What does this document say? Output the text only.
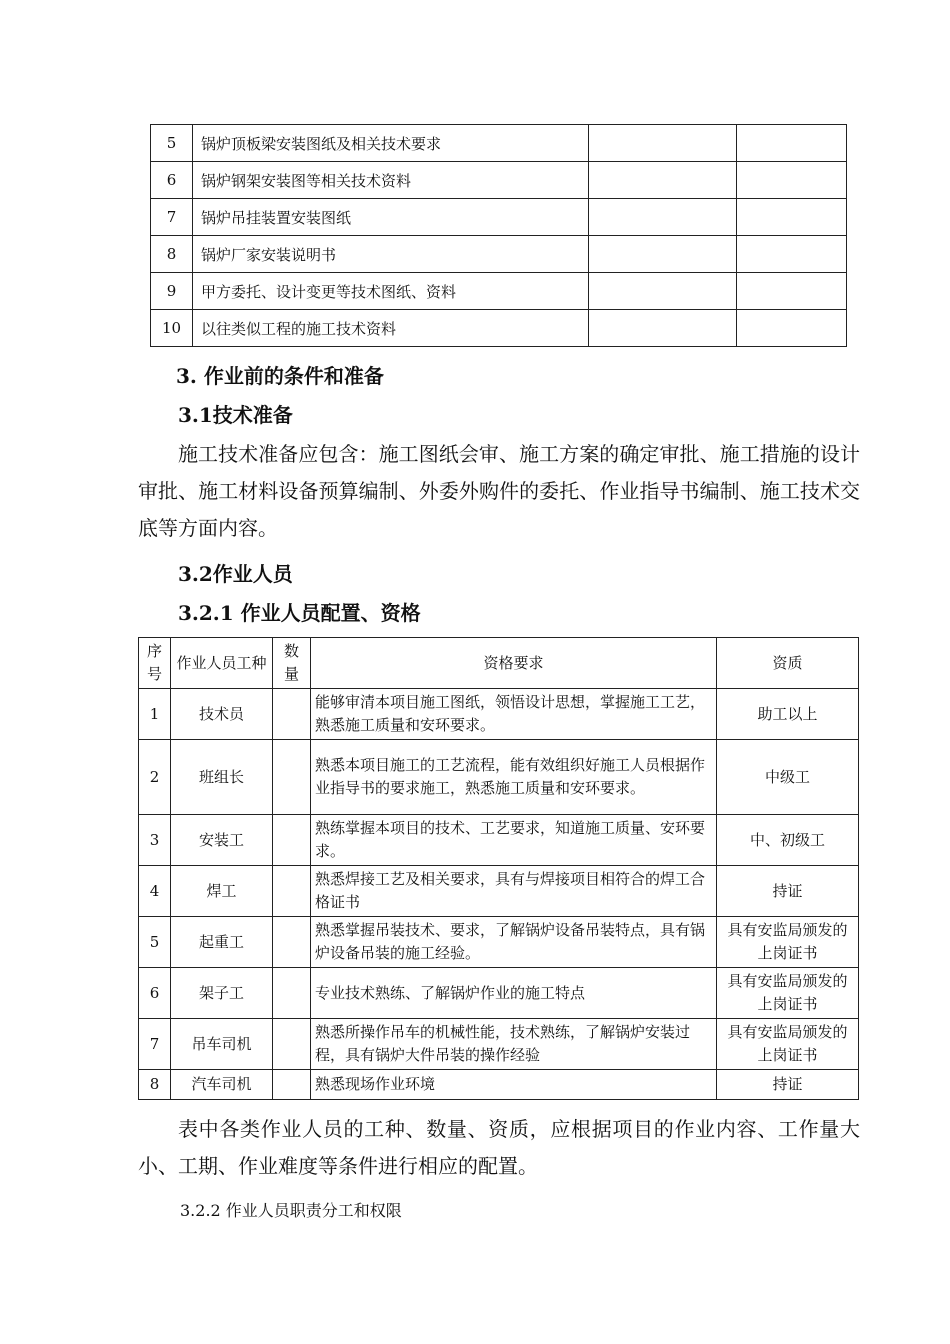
5	锅炉顶板梁安装图纸及相关技术要求		
6	锅炉钢架安装图等相关技术资料		
7	锅炉吊挂装置安装图纸		
8	锅炉厂家安装说明书		
9	甲方委托、设计变更等技术图纸、资料		
10	以往类似工程的施工技术资料		
3. 作业前的条件和准备
3.1技术准备
施工技术准备应包含：施工图纸会审、施工方案的确定审批、施工措施的设计审批、施工材料设备预算编制、外委外购件的委托、作业指导书编制、施工技术交底等方面内容。
3.2作业人员
3.2.1 作业人员配置、资格
序号	作业人员工种	数量	资格要求	资质
1	技术员		能够审清本项目施工图纸，领悟设计思想，掌握施工工艺，熟悉施工质量和安环要求。	助工以上
2	班组长		熟悉本项目施工的工艺流程，能有效组织好施工人员根据作业指导书的要求施工，熟悉施工质量和安环要求。	中级工
3	安装工		熟练掌握本项目的技术、工艺要求，知道施工质量、安环要求。	中、初级工
4	焊工		熟悉焊接工艺及相关要求，具有与焊接项目相符合的焊工合格证书	持证
5	起重工		熟悉掌握吊装技术、要求，了解锅炉设备吊装特点，具有锅炉设备吊装的施工经验。	具有安监局颁发的上岗证书
6	架子工		专业技术熟练、了解锅炉作业的施工特点	具有安监局颁发的上岗证书
7	吊车司机		熟悉所操作吊车的机械性能，技术熟练，了解锅炉安装过程，具有锅炉大件吊装的操作经验	具有安监局颁发的上岗证书
8	汽车司机		熟悉现场作业环境	持证
表中各类作业人员的工种、数量、资质，应根据项目的作业内容、工作量大小、工期、作业难度等条件进行相应的配置。
3.2.2 作业人员职责分工和权限
